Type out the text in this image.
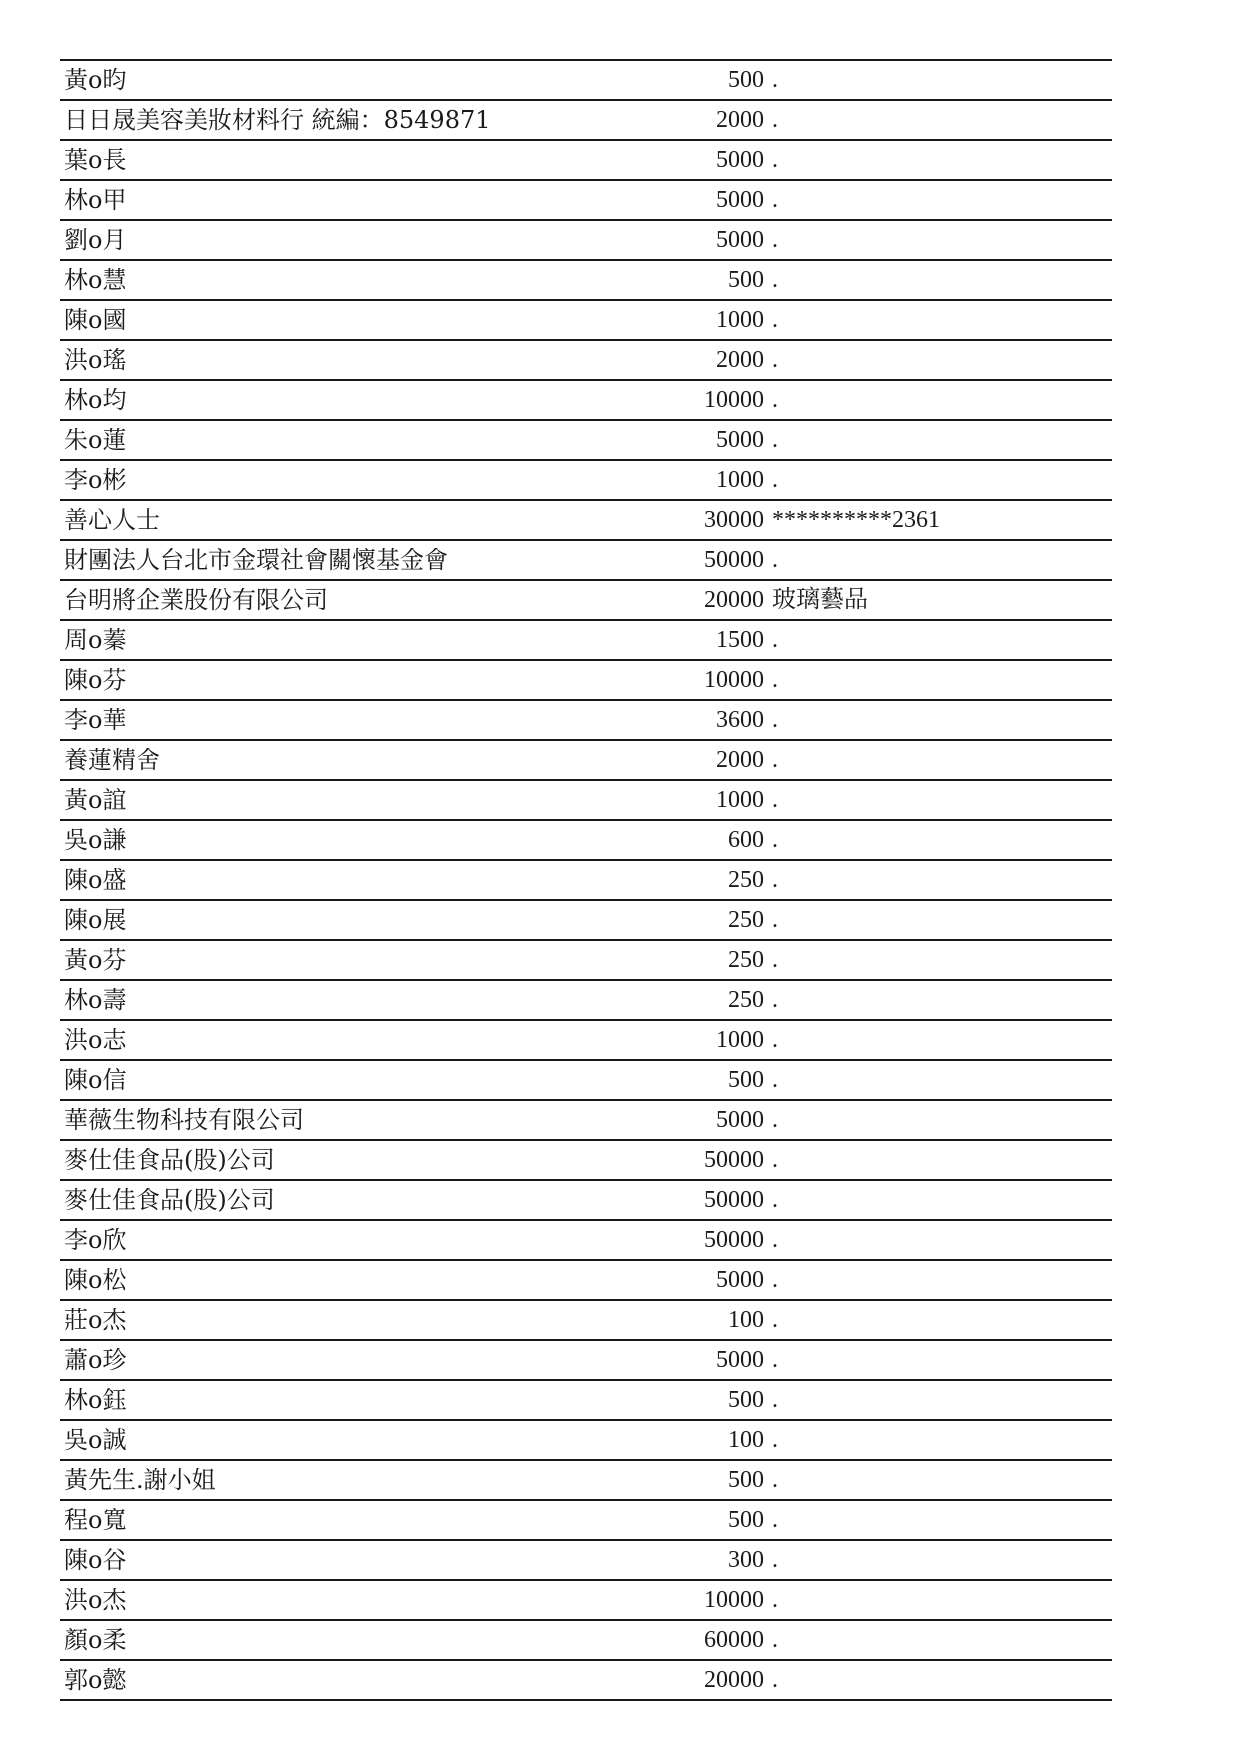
黃o昀	500 .
日日晟美容美妝材料行 統編：8549871	2000 .
葉o長	5000 .
林o甲	5000 .
劉o月	5000 .
林o慧	500 .
陳o國	1000 .
洪o瑤	2000 .
林o均	10000 .
朱o蓮	5000 .
李o彬	1000 .
善心人士	30000 **********2361
財團法人台北市金環社會關懷基金會	50000 .
台明將企業股份有限公司	20000 玻璃藝品
周o蓁	1500 .
陳o芬	10000 .
李o華	3600 .
養蓮精舍	2000 .
黃o誼	1000 .
吳o謙	600 .
陳o盛	250 .
陳o展	250 .
黃o芬	250 .
林o壽	250 .
洪o志	1000 .
陳o信	500 .
華薇生物科技有限公司	5000 .
麥仕佳食品(股)公司	50000 .
麥仕佳食品(股)公司	50000 .
李o欣	50000 .
陳o松	5000 .
莊o杰	100 .
蕭o珍	5000 .
林o鈺	500 .
吳o誠	100 .
黃先生.謝小姐	500 .
程o寬	500 .
陳o谷	300 .
洪o杰	10000 .
顏o柔	60000 .
郭o懿	20000 .
